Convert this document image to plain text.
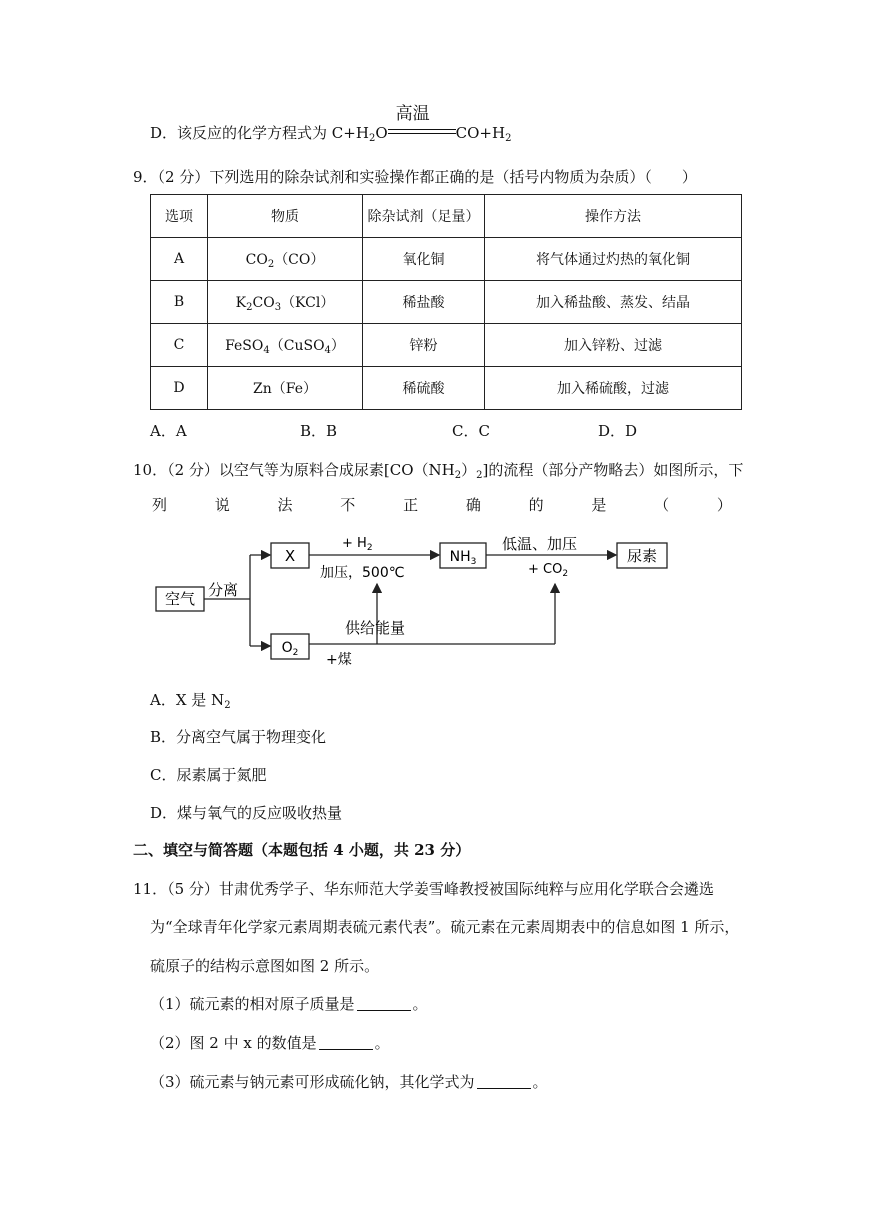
D．该反应的化学方程式为 $C+H_2O$
高温
$CO+H_2$
9．（2 分）下列选用的除杂试剂和实验操作都正确的是（括号内物质为杂质）（　　）
选项	物质	除杂试剂（足量）	操作方法
A	$CO_2(CO)$	氧化铜	将气体通过灼热的氧化铜
B	$K_2CO_3(KCl)$	稀盐酸	加入稀盐酸、蒸发、结晶
C	FeSO$_4$（CuSO$_4$）	锌粉	加入锌粉、过滤
D	Zn（Fe）	稀硫酸	加入稀硫酸，过滤
A．A	B．B	C．C	D．D
10．（2 分）以空气等为原料合成尿素$[CO(NH_2)_2]$的流程（部分产物略去）如图所示，下
列	说	法	不	正	确	的	是	（	）
空气
X	$NH_3$	尿素
$O_2$
分离
+ $H_2$
加压，500℃
低温、加压
+ $CO_2$
供给能量
+煤
A．X 是 $N_2$
B．分离空气属于物理变化
C．尿素属于氮肥
D．煤与氧气的反应吸收热量
二、填空与简答题（本题包括 4 小题，共 23 分）
11．（5 分）甘肃优秀学子、华东师范大学姜雪峰教授被国际纯粹与应用化学联合会遴选
为“全球青年化学家元素周期表硫元素代表”。硫元素在元素周期表中的信息如图 1 所示，
硫原子的结构示意图如图 2 所示。
（1）硫元素的相对原子质量是	。
（2）图 2 中 x 的数值是	。
（3）硫元素与钠元素可形成硫化钠，其化学式为	。
